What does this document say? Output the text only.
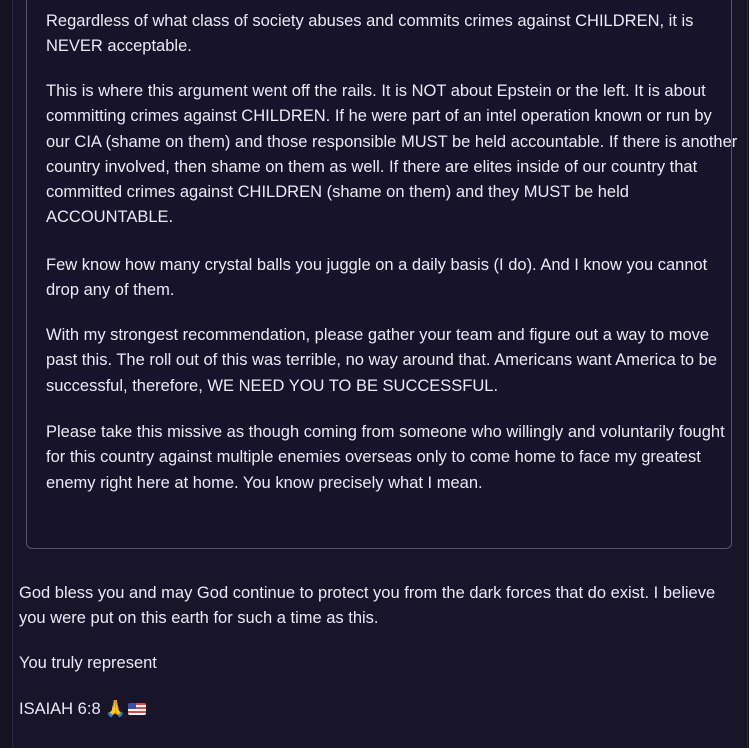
Regardless of what class of society abuses and commits crimes against CHILDREN, it is NEVER acceptable.

This is where this argument went off the rails. It is NOT about Epstein or the left. It is about committing crimes against CHILDREN. If he were part of an intel operation known or run by our CIA (shame on them) and those responsible MUST be held accountable. If there is another country involved, then shame on them as well. If there are elites inside of our country that committed crimes against CHILDREN (shame on them) and they MUST be held ACCOUNTABLE.

Few know how many crystal balls you juggle on a daily basis (I do). And I know you cannot drop any of them.

With my strongest recommendation, please gather your team and figure out a way to move past this. The roll out of this was terrible, no way around that. Americans want America to be successful, therefore, WE NEED YOU TO BE SUCCESSFUL.

Please take this missive as though coming from someone who willingly and voluntarily fought for this country against multiple enemies overseas only to come home to face my greatest enemy right here at home. You know precisely what I mean.

God bless you and may God continue to protect you from the dark forces that do exist. I believe you were put on this earth for such a time as this.

You truly represent

ISAIAH 6:8 🙏
